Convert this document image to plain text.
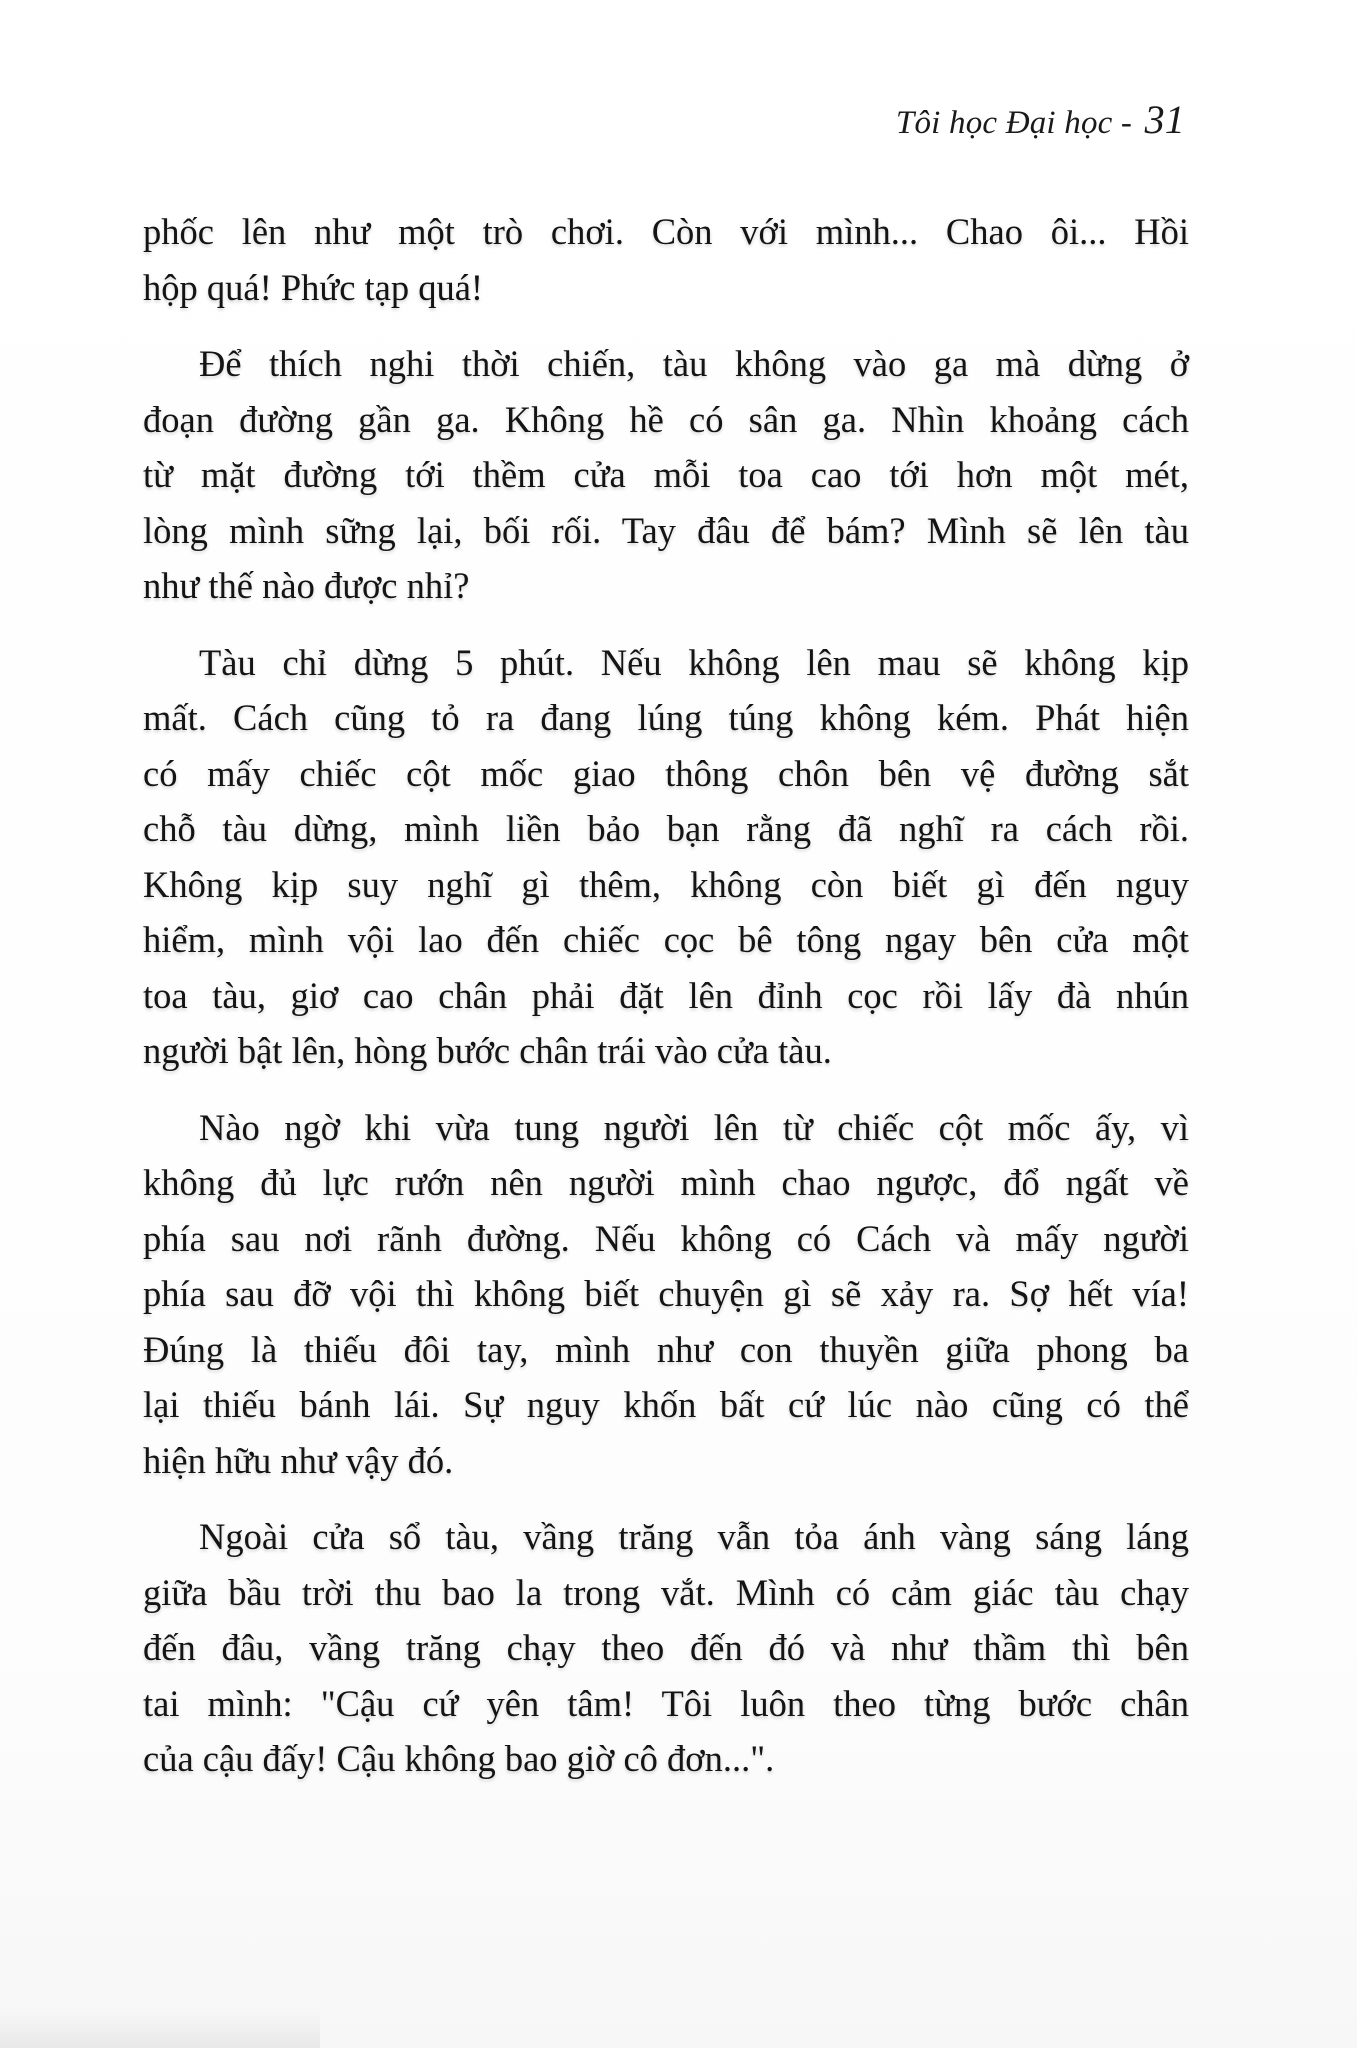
Tôi học Đại học - 31

phốc lên như một trò chơi. Còn với mình... Chao ôi... Hồi
hộp quá! Phức tạp quá!

Để thích nghi thời chiến, tàu không vào ga mà dừng ở
đoạn đường gần ga. Không hề có sân ga. Nhìn khoảng cách
từ mặt đường tới thềm cửa mỗi toa cao tới hơn một mét,
lòng mình sững lại, bối rối. Tay đâu để bám? Mình sẽ lên tàu
như thế nào được nhỉ?

Tàu chỉ dừng 5 phút. Nếu không lên mau sẽ không kịp
mất. Cách cũng tỏ ra đang lúng túng không kém. Phát hiện
có mấy chiếc cột mốc giao thông chôn bên vệ đường sắt
chỗ tàu dừng, mình liền bảo bạn rằng đã nghĩ ra cách rồi.
Không kịp suy nghĩ gì thêm, không còn biết gì đến nguy
hiểm, mình vội lao đến chiếc cọc bê tông ngay bên cửa một
toa tàu, giơ cao chân phải đặt lên đỉnh cọc rồi lấy đà nhún
người bật lên, hòng bước chân trái vào cửa tàu.

Nào ngờ khi vừa tung người lên từ chiếc cột mốc ấy, vì
không đủ lực rướn nên người mình chao ngược, đổ ngất về
phía sau nơi rãnh đường. Nếu không có Cách và mấy người
phía sau đỡ vội thì không biết chuyện gì sẽ xảy ra. Sợ hết vía!
Đúng là thiếu đôi tay, mình như con thuyền giữa phong ba
lại thiếu bánh lái. Sự nguy khốn bất cứ lúc nào cũng có thể
hiện hữu như vậy đó.

Ngoài cửa sổ tàu, vầng trăng vẫn tỏa ánh vàng sáng láng
giữa bầu trời thu bao la trong vắt. Mình có cảm giác tàu chạy
đến đâu, vầng trăng chạy theo đến đó và như thầm thì bên
tai mình: "Cậu cứ yên tâm! Tôi luôn theo từng bước chân
của cậu đấy! Cậu không bao giờ cô đơn...".
